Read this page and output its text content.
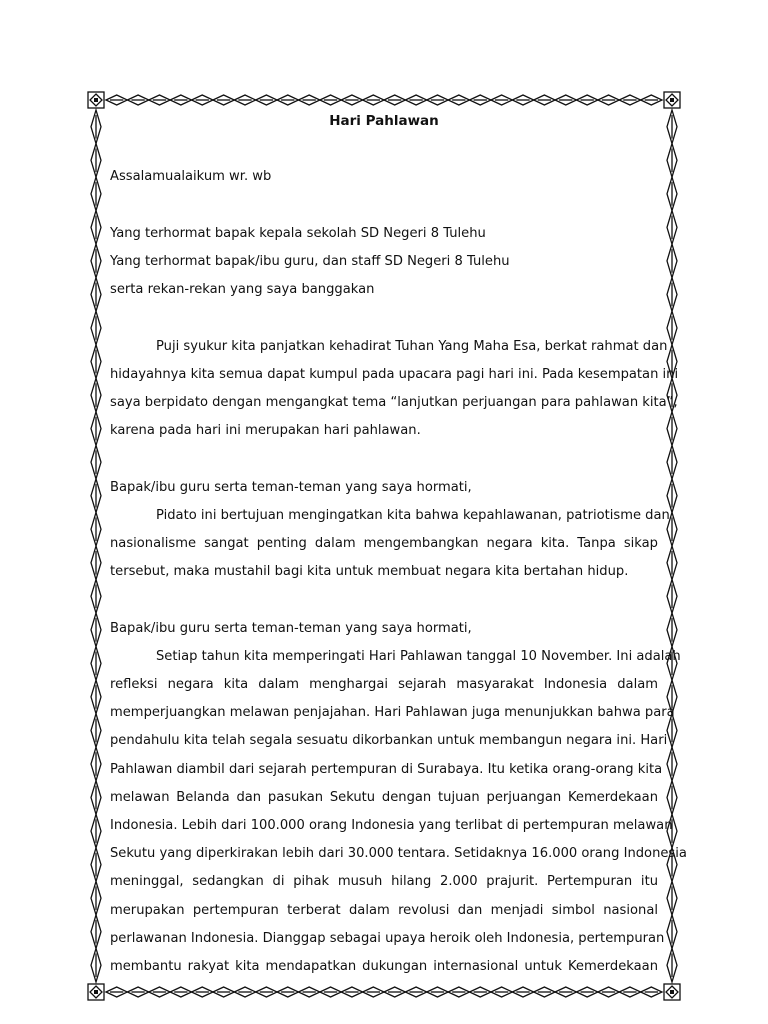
Hari Pahlawan
Assalamualaikum wr. wb
Yang terhormat bapak kepala sekolah SD Negeri 8 Tulehu
Yang terhormat bapak/ibu guru, dan staff SD Negeri 8 Tulehu
serta rekan-rekan yang saya banggakan
Puji syukur kita panjatkan kehadirat Tuhan Yang Maha Esa, berkat rahmat dan
hidayahnya kita semua dapat kumpul pada upacara pagi hari ini. Pada kesempatan ini
saya berpidato dengan mengangkat tema “lanjutkan perjuangan para pahlawan kita”,
karena pada hari ini merupakan hari pahlawan.
Bapak/ibu guru serta teman-teman yang saya hormati,
Pidato ini bertujuan mengingatkan kita bahwa kepahlawanan, patriotisme dan
nasionalisme sangat penting dalam mengembangkan negara kita. Tanpa sikap
tersebut, maka mustahil bagi kita untuk membuat negara kita bertahan hidup.
Bapak/ibu guru serta teman-teman yang saya hormati,
Setiap tahun kita memperingati Hari Pahlawan tanggal 10 November. Ini adalah
refleksi negara kita dalam menghargai sejarah masyarakat Indonesia dalam
memperjuangkan melawan penjajahan. Hari Pahlawan juga menunjukkan bahwa para
pendahulu kita telah segala sesuatu dikorbankan untuk membangun negara ini. Hari
Pahlawan diambil dari sejarah pertempuran di Surabaya. Itu ketika orang-orang kita
melawan Belanda dan pasukan Sekutu dengan tujuan perjuangan Kemerdekaan
Indonesia. Lebih dari 100.000 orang Indonesia yang terlibat di pertempuran melawan
Sekutu yang diperkirakan lebih dari 30.000 tentara. Setidaknya 16.000 orang Indonesia
meninggal, sedangkan di pihak musuh hilang 2.000 prajurit. Pertempuran itu
merupakan pertempuran terberat dalam revolusi dan menjadi simbol nasional
perlawanan Indonesia. Dianggap sebagai upaya heroik oleh Indonesia, pertempuran
membantu rakyat kita mendapatkan dukungan internasional untuk Kemerdekaan
